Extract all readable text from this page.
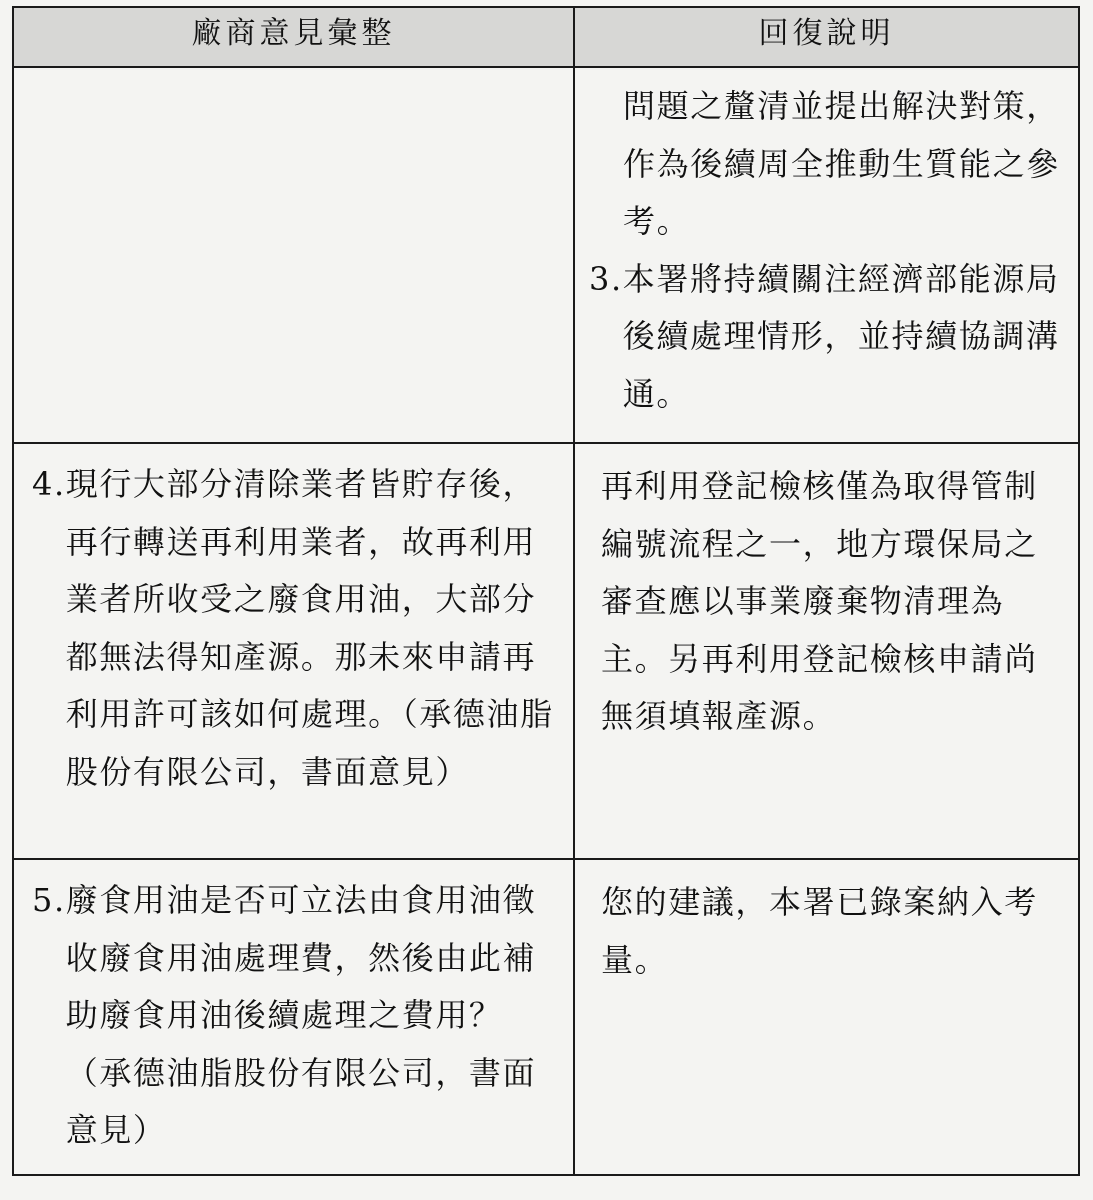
廠商意見彙整	回復說明

	問題之釐清並提出解決對策，作為後續周全推動生質能之參考。
3. 本署將持續關注經濟部能源局後續處理情形，並持續協調溝通。

4. 現行大部分清除業者皆貯存後，再行轉送再利用業者，故再利用業者所收受之廢食用油，大部分都無法得知產源。那未來申請再利用許可該如何處理。（承德油脂股份有限公司，書面意見）	再利用登記檢核僅為取得管制編號流程之一，地方環保局之審查應以事業廢棄物清理為主。另再利用登記檢核申請尚無須填報產源。

5. 廢食用油是否可立法由食用油徵收廢食用油處理費，然後由此補助廢食用油後續處理之費用？（承德油脂股份有限公司，書面意見）	您的建議，本署已錄案納入考量。
